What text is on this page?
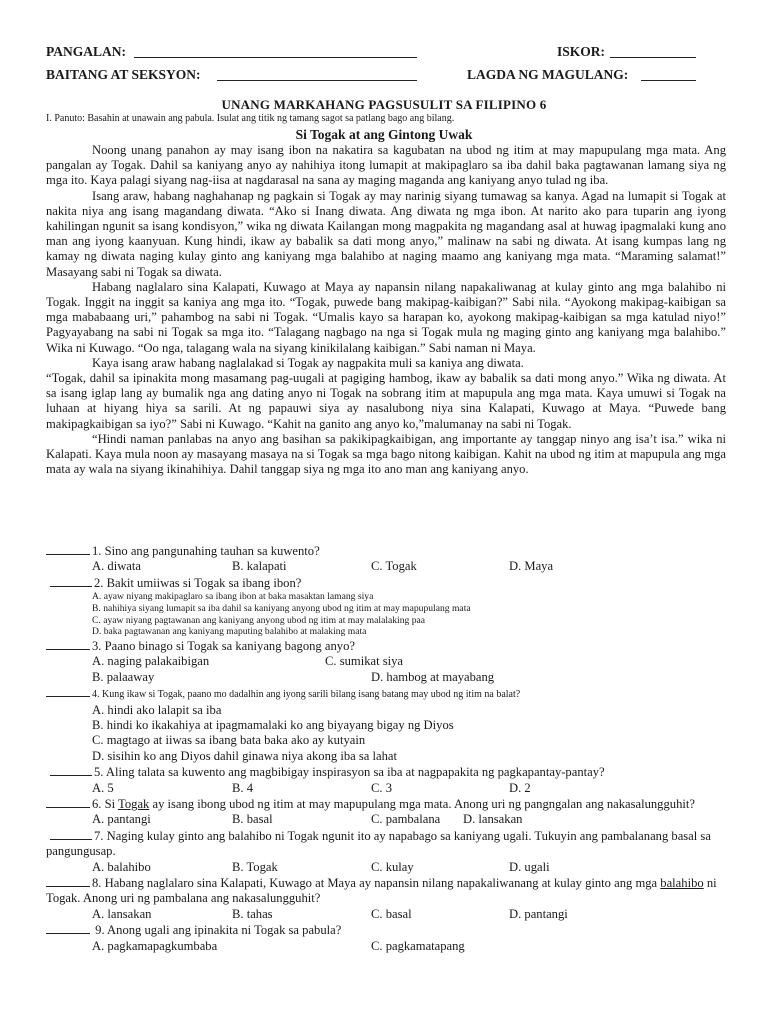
PANGALAN:	ISKOR:
BAITANG AT SEKSYON:	LAGDA NG MAGULANG:
UNANG MARKAHANG PAGSUSULIT SA FILIPINO 6
I. Panuto: Basahin at unawain ang pabula. Isulat ang titik ng tamang sagot sa patlang bago ang bilang.
Si Togak at ang Gintong Uwak

Noong unang panahon ay may isang ibon na nakatira sa kagubatan na ubod ng itim at may mapupulang mga mata. Ang pangalan ay Togak. Dahil sa kaniyang anyo ay nahihiya itong lumapit at makipaglaro sa iba dahil baka pagtawanan lamang siya ng mga ito. Kaya palagi siyang nag-iisa at nagdarasal na sana ay maging maganda ang kaniyang anyo tulad ng iba.

Isang araw, habang naghahanap ng pagkain si Togak ay may narinig siyang tumawag sa kanya. Agad na lumapit si Togak at nakita niya ang isang magandang diwata. “Ako si Inang diwata. Ang diwata ng mga ibon. At narito ako para tuparin ang iyong kahilingan ngunit sa isang kondisyon,” wika ng diwata Kailangan mong magpakita ng magandang asal at huwag ipagmalaki kung ano man ang iyong kaanyuan. Kung hindi, ikaw ay babalik sa dati mong anyo,” malinaw na sabi ng diwata. At isang kumpas lang ng kamay ng diwata naging kulay ginto ang kaniyang mga balahibo at naging maamo ang kaniyang mga mata. “Maraming salamat!” Masayang sabi ni Togak sa diwata.

Habang naglalaro sina Kalapati, Kuwago at Maya ay napansin nilang napakaliwanag at kulay ginto ang mga balahibo ni Togak. Inggit na inggit sa kaniya ang mga ito. “Togak, puwede bang makipag-kaibigan?” Sabi nila. “Ayokong makipag-kaibigan sa mga mababaang uri,” pahambog na sabi ni Togak. “Umalis kayo sa harapan ko, ayokong makipag-kaibigan sa mga katulad niyo!” Pagyayabang na sabi ni Togak sa mga ito. “Talagang nagbago na nga si Togak mula ng maging ginto ang kaniyang mga balahibo.” Wika ni Kuwago. “Oo nga, talagang wala na siyang kinikilalang kaibigan.” Sabi naman ni Maya.

Kaya isang araw habang naglalakad si Togak ay nagpakita muli sa kaniya ang diwata.

“Togak, dahil sa ipinakita mong masamang pag-uugali at pagiging hambog, ikaw ay babalik sa dati mong anyo.” Wika ng diwata. At sa isang iglap lang ay bumalik nga ang dating anyo ni Togak na sobrang itim at mapupula ang mga mata. Kaya umuwi si Togak na luhaan at hiyang hiya sa sarili. At ng papauwi siya ay nasalubong niya sina Kalapati, Kuwago at Maya. “Puwede bang makipagkaibigan sa iyo?” Sabi ni Kuwago. “Kahit na ganito ang anyo ko,”malumanay na sabi ni Togak.

“Hindi naman panlabas na anyo ang basihan sa pakikipagkaibigan, ang importante ay tanggap ninyo ang isa’t isa.” wika ni Kalapati. Kaya mula noon ay masayang masaya na si Togak sa mga bago nitong kaibigan. Kahit na ubod ng itim at mapupula ang mga mata ay wala na siyang ikinahihiya. Dahil tanggap siya ng mga ito ano man ang kaniyang anyo.

1. Sino ang pangunahing tauhan sa kuwento?
A. diwata	B. kalapati	C. Togak	D. Maya
2. Bakit umiiwas si Togak sa ibang ibon?
A. ayaw niyang makipaglaro sa ibang ibon at baka masaktan lamang siya
B. nahihiya siyang lumapit sa iba dahil sa kaniyang anyong ubod ng itim at may mapupulang mata
C. ayaw niyang pagtawanan ang kaniyang anyong ubod ng itim at may malalaking paa
D. baka pagtawanan ang kaniyang maputing balahibo at malaking mata
3. Paano binago si Togak sa kaniyang bagong anyo?
A. naging palakaibigan	C. sumikat siya
B. palaaway	D. hambog at mayabang
4. Kung ikaw si Togak, paano mo dadalhin ang iyong sarili bilang isang batang may ubod ng itim na balat?
A. hindi ako lalapit sa iba
B. hindi ko ikakahiya at ipagmamalaki ko ang biyayang bigay ng Diyos
C. magtago at iiwas sa ibang bata baka ako ay kutyain
D. sisihin ko ang Diyos dahil ginawa niya akong iba sa lahat
5. Aling talata sa kuwento ang magbibigay inspirasyon sa iba at nagpapakita ng pagkapantay-pantay?
A. 5	B. 4	C. 3	D. 2
6. Si Togak ay isang ibong ubod ng itim at may mapupulang mga mata. Anong uri ng pangngalan ang nakasalungguhit?
A. pantangi	B. basal	C. pambalana D. lansakan
7. Naging kulay ginto ang balahibo ni Togak ngunit ito ay napabago sa kaniyang ugali. Tukuyin ang pambalanang basal sa pangungusap.
A. balahibo	B. Togak	C. kulay	D. ugali
8. Habang naglalaro sina Kalapati, Kuwago at Maya ay napansin nilang napakaliwanang at kulay ginto ang mga balahibo ni Togak. Anong uri ng pambalana ang nakasalungguhit?
A. lansakan	B. tahas	C. basal	D. pantangi
9. Anong ugali ang ipinakita ni Togak sa pabula?
A. pagkamapagkumbaba	C. pagkamatapang
